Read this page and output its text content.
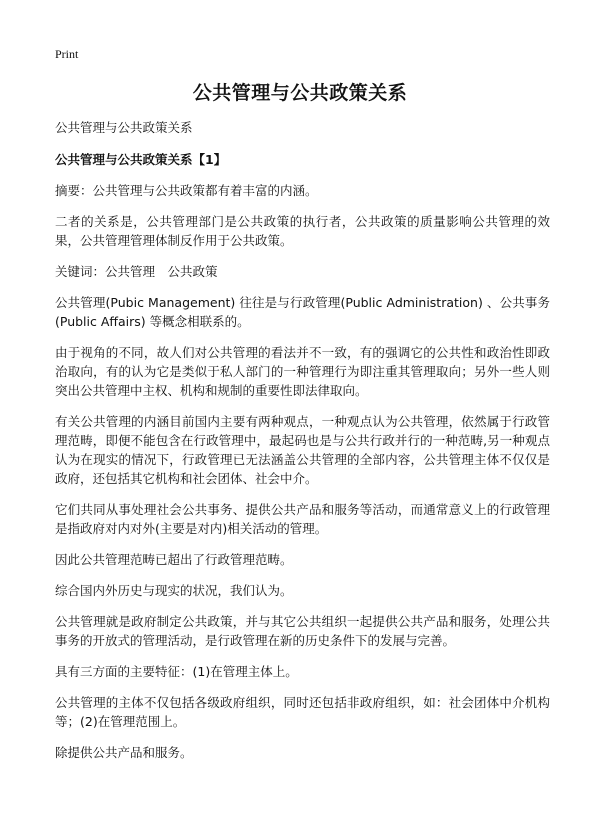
Print
公共管理与公共政策关系

公共管理与公共政策关系

公共管理与公共政策关系【1】

摘要：公共管理与公共政策都有着丰富的内涵。

二者的关系是，公共管理部门是公共政策的执行者，公共政策的质量影响公共管理的效果，公共管理管理体制反作用于公共政策。

关键词：公共管理　公共政策

公共管理(Pubic Management) 往往是与行政管理(Public Administration) 、公共事务(Public Affairs) 等概念相联系的。

由于视角的不同，故人们对公共管理的看法并不一致，有的强调它的公共性和政治性即政治取向，有的认为它是类似于私人部门的一种管理行为即注重其管理取向；另外一些人则突出公共管理中主权、机构和规制的重要性即法律取向。

有关公共管理的内涵目前国内主要有两种观点，一种观点认为公共管理，依然属于行政管理范畴，即便不能包含在行政管理中，最起码也是与公共行政并行的一种范畴,另一种观点认为在现实的情况下，行政管理已无法涵盖公共管理的全部内容，公共管理主体不仅仅是政府，还包括其它机构和社会团体、社会中介。

它们共同从事处理社会公共事务、提供公共产品和服务等活动，而通常意义上的行政管理是指政府对内对外(主要是对内)相关活动的管理。

因此公共管理范畴已超出了行政管理范畴。

综合国内外历史与现实的状况，我们认为。

公共管理就是政府制定公共政策，并与其它公共组织一起提供公共产品和服务，处理公共事务的开放式的管理活动，是行政管理在新的历史条件下的发展与完善。

具有三方面的主要特征：(1)在管理主体上。

公共管理的主体不仅包括各级政府组织，同时还包括非政府组织，如：社会团体中介机构等；(2)在管理范围上。

除提供公共产品和服务。
